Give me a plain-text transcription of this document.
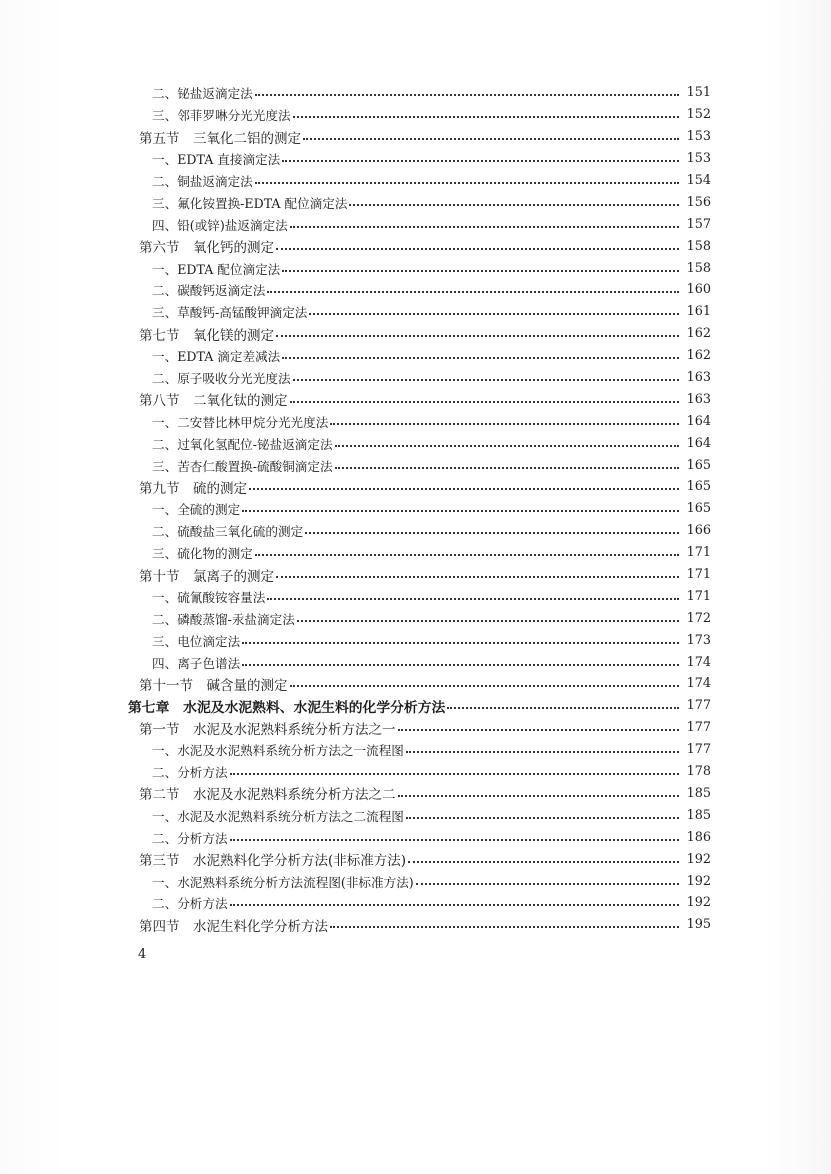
二、铋盐返滴定法	151
三、邻菲罗啉分光光度法	152
第五节　三氧化二铝的测定	153
一、EDTA 直接滴定法	153
二、铜盐返滴定法	154
三、氟化铵置换-EDTA 配位滴定法	156
四、铅(或锌)盐返滴定法	157
第六节　氧化钙的测定	158
一、EDTA 配位滴定法	158
二、碳酸钙返滴定法	160
三、草酸钙-高锰酸钾滴定法	161
第七节　氧化镁的测定	162
一、EDTA 滴定差减法	162
二、原子吸收分光光度法	163
第八节　二氧化钛的测定	163
一、二安替比林甲烷分光光度法	164
二、过氧化氢配位-铋盐返滴定法	164
三、苦杏仁酸置换-硫酸铜滴定法	165
第九节　硫的测定	165
一、全硫的测定	165
二、硫酸盐三氧化硫的测定	166
三、硫化物的测定	171
第十节　氯离子的测定	171
一、硫氰酸铵容量法	171
二、磷酸蒸馏-汞盐滴定法	172
三、电位滴定法	173
四、离子色谱法	174
第十一节　碱含量的测定	174
第七章　水泥及水泥熟料、水泥生料的化学分析方法	177
第一节　水泥及水泥熟料系统分析方法之一	177
一、水泥及水泥熟料系统分析方法之一流程图	177
二、分析方法	178
第二节　水泥及水泥熟料系统分析方法之二	185
一、水泥及水泥熟料系统分析方法之二流程图	185
二、分析方法	186
第三节　水泥熟料化学分析方法(非标准方法)	192
一、水泥熟料系统分析方法流程图(非标准方法)	192
二、分析方法	192
第四节　水泥生料化学分析方法	195
4
